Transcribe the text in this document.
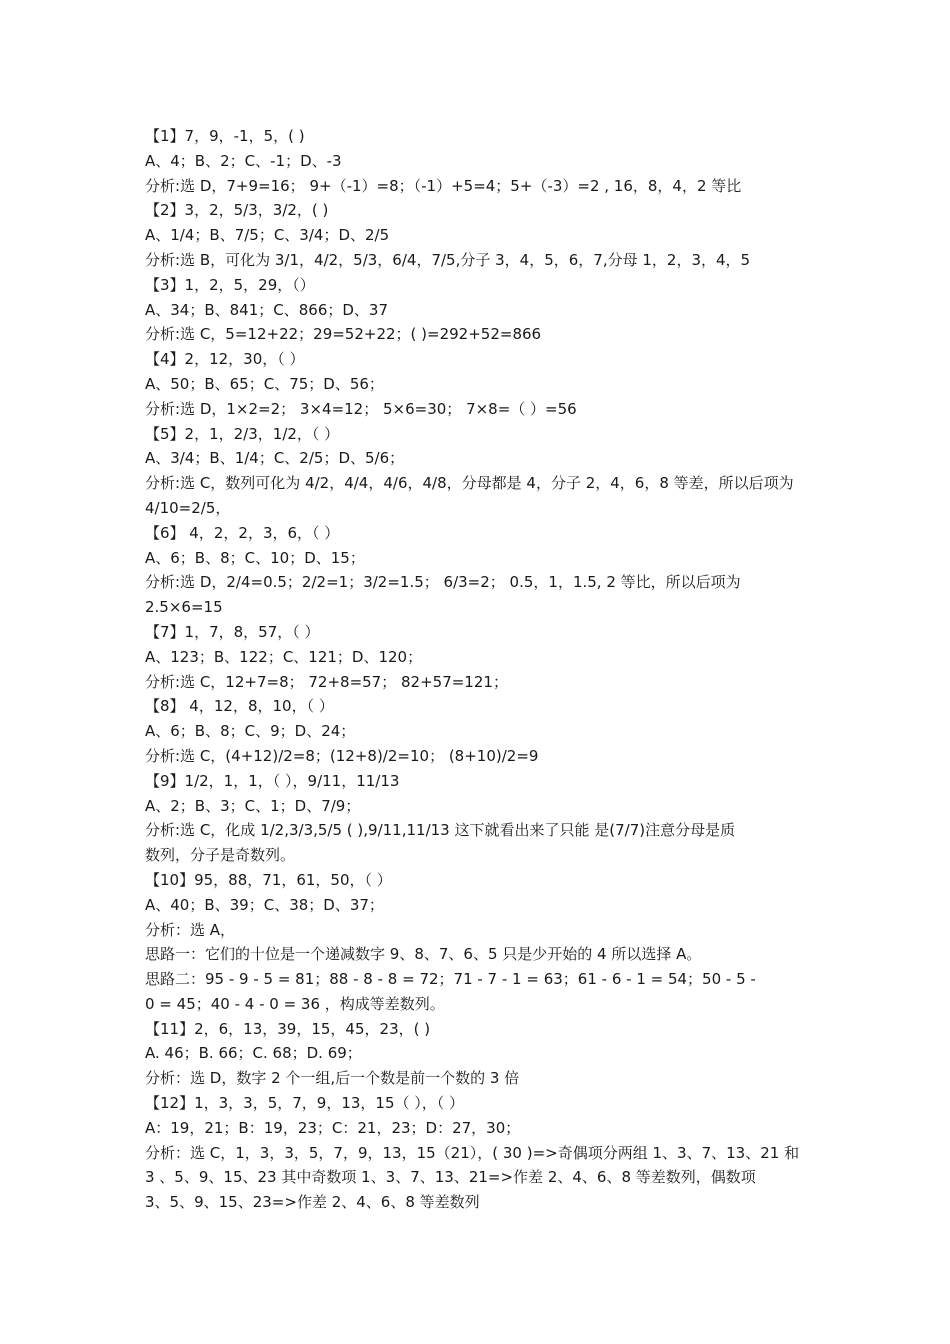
【1】7，9，-1，5，( )
A、4；B、2；C、-1；D、-3
分析:选 D，7+9=16； 9+（-1）=8；（-1）+5=4；5+（-3）=2 , 16，8，4，2 等比
【2】3，2，5/3，3/2，( )
A、1/4；B、7/5；C、3/4；D、2/5
分析:选 B，可化为 3/1，4/2，5/3，6/4，7/5,分子 3，4，5，6，7,分母 1，2，3，4，5
【3】1，2，5，29，（）
A、34；B、841；C、866；D、37
分析:选 C，5=12+22；29=52+22；( )=292+52=866
【4】2，12，30，（ ）
A、50；B、65；C、75；D、56；
分析:选 D，1×2=2； 3×4=12； 5×6=30； 7×8=（ ）=56
【5】2，1，2/3，1/2，（ ）
A、3/4；B、1/4；C、2/5；D、5/6；
分析:选 C，数列可化为 4/2，4/4，4/6，4/8，分母都是 4，分子 2，4，6，8 等差，所以后项为
4/10=2/5，
【6】 4，2，2，3，6，（ ）
A、6；B、8；C、10；D、15；
分析:选 D，2/4=0.5；2/2=1；3/2=1.5； 6/3=2； 0.5，1，1.5, 2 等比，所以后项为
2.5×6=15
【7】1，7，8，57，（ ）
A、123；B、122；C、121；D、120；
分析:选 C，12+7=8； 72+8=57； 82+57=121；
【8】 4，12，8，10，（ ）
A、6；B、8；C、9；D、24；
分析:选 C，(4+12)/2=8；(12+8)/2=10； (8+10)/2=9
【9】1/2，1，1，（ ），9/11，11/13
A、2；B、3；C、1；D、7/9；
分析:选 C，化成 1/2,3/3,5/5 ( ),9/11,11/13 这下就看出来了只能 是(7/7)注意分母是质
数列，分子是奇数列。
【10】95，88，71，61，50，（ ）
A、40；B、39；C、38；D、37；
分析：选 A，
思路一：它们的十位是一个递减数字 9、8、7、6、5 只是少开始的 4 所以选择 A。
思路二：95 - 9 - 5 = 81；88 - 8 - 8 = 72；71 - 7 - 1 = 63；61 - 6 - 1 = 54；50 - 5 -
0 = 45；40 - 4 - 0 = 36 ，构成等差数列。
【11】2，6，13，39，15，45，23，( )
A. 46；B. 66；C. 68；D. 69；
分析：选 D，数字 2 个一组,后一个数是前一个数的 3 倍
【12】1，3，3，5，7，9，13，15（ ），（ ）
A：19，21；B：19，23；C：21，23；D：27，30；
分析：选 C，1，3，3，5，7，9，13，15（21），( 30 )=>奇偶项分两组 1、3、7、13、21 和
3 、5、9、15、23 其中奇数项 1、3、7、13、21=>作差 2、4、6、8 等差数列，偶数项
3、5、9、15、23=>作差 2、4、6、8 等差数列
